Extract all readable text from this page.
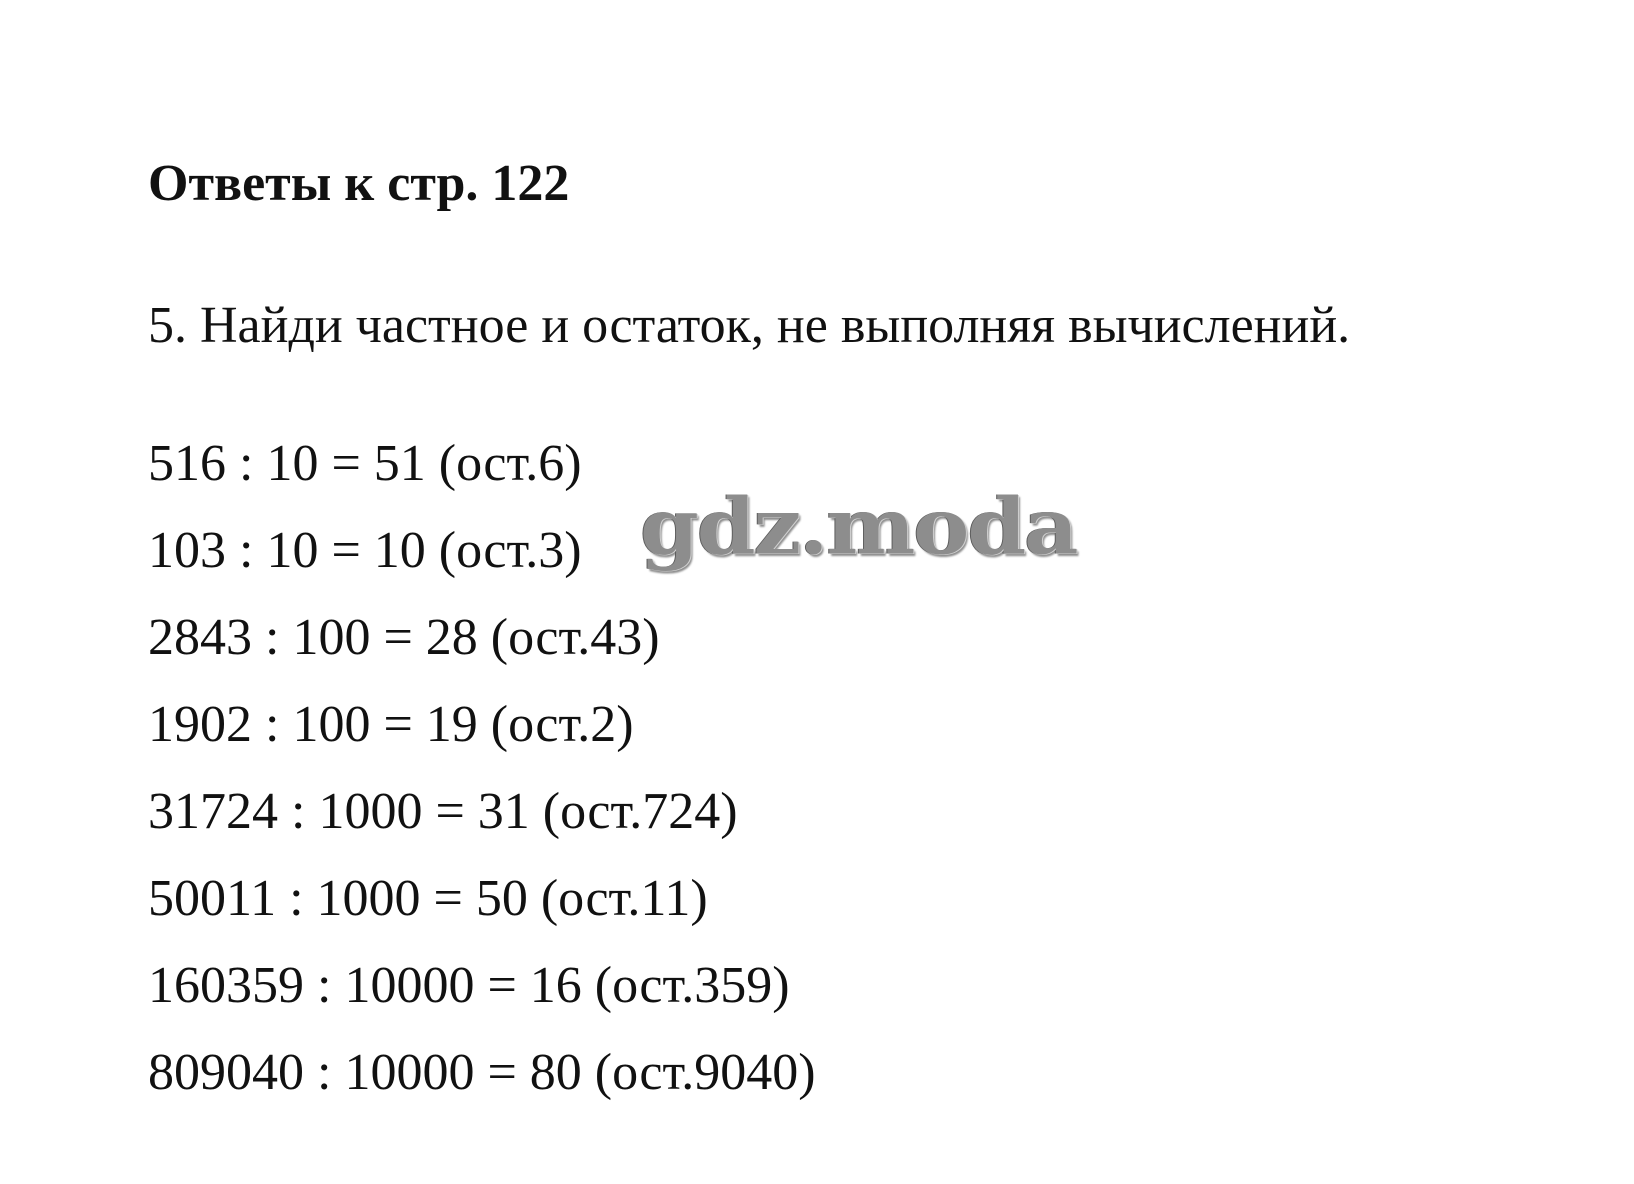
Ответы к стр. 122
5. Найди частное и остаток, не выполняя вычислений.
516 : 10 = 51 (ост.6)
103 : 10 = 10 (ост.3)
2843 : 100 = 28 (ост.43)
1902 : 100 = 19 (ост.2)
31724 : 1000 = 31 (ост.724)
50011 : 1000 = 50 (ост.11)
160359 : 10000 = 16 (ост.359)
809040 : 10000 = 80 (ост.9040)
gdz.moda
